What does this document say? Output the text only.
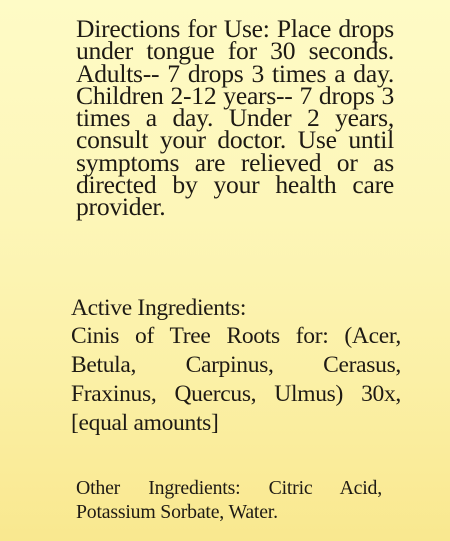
Directions for Use: Place drops under tongue for 30 seconds. Adults-- 7 drops 3 times a day. Children 2-12 years-- 7 drops 3 times a day. Under 2 years, consult your doctor. Use until symptoms are relieved or as directed by your health care provider.

Active Ingredients:

Cinis of Tree Roots for: (Acer, Betula, Carpinus, Cerasus, Fraxinus, Quercus, Ulmus) 30x, [equal amounts]

Other Ingredients: Citric Acid, Potassium Sorbate, Water.
